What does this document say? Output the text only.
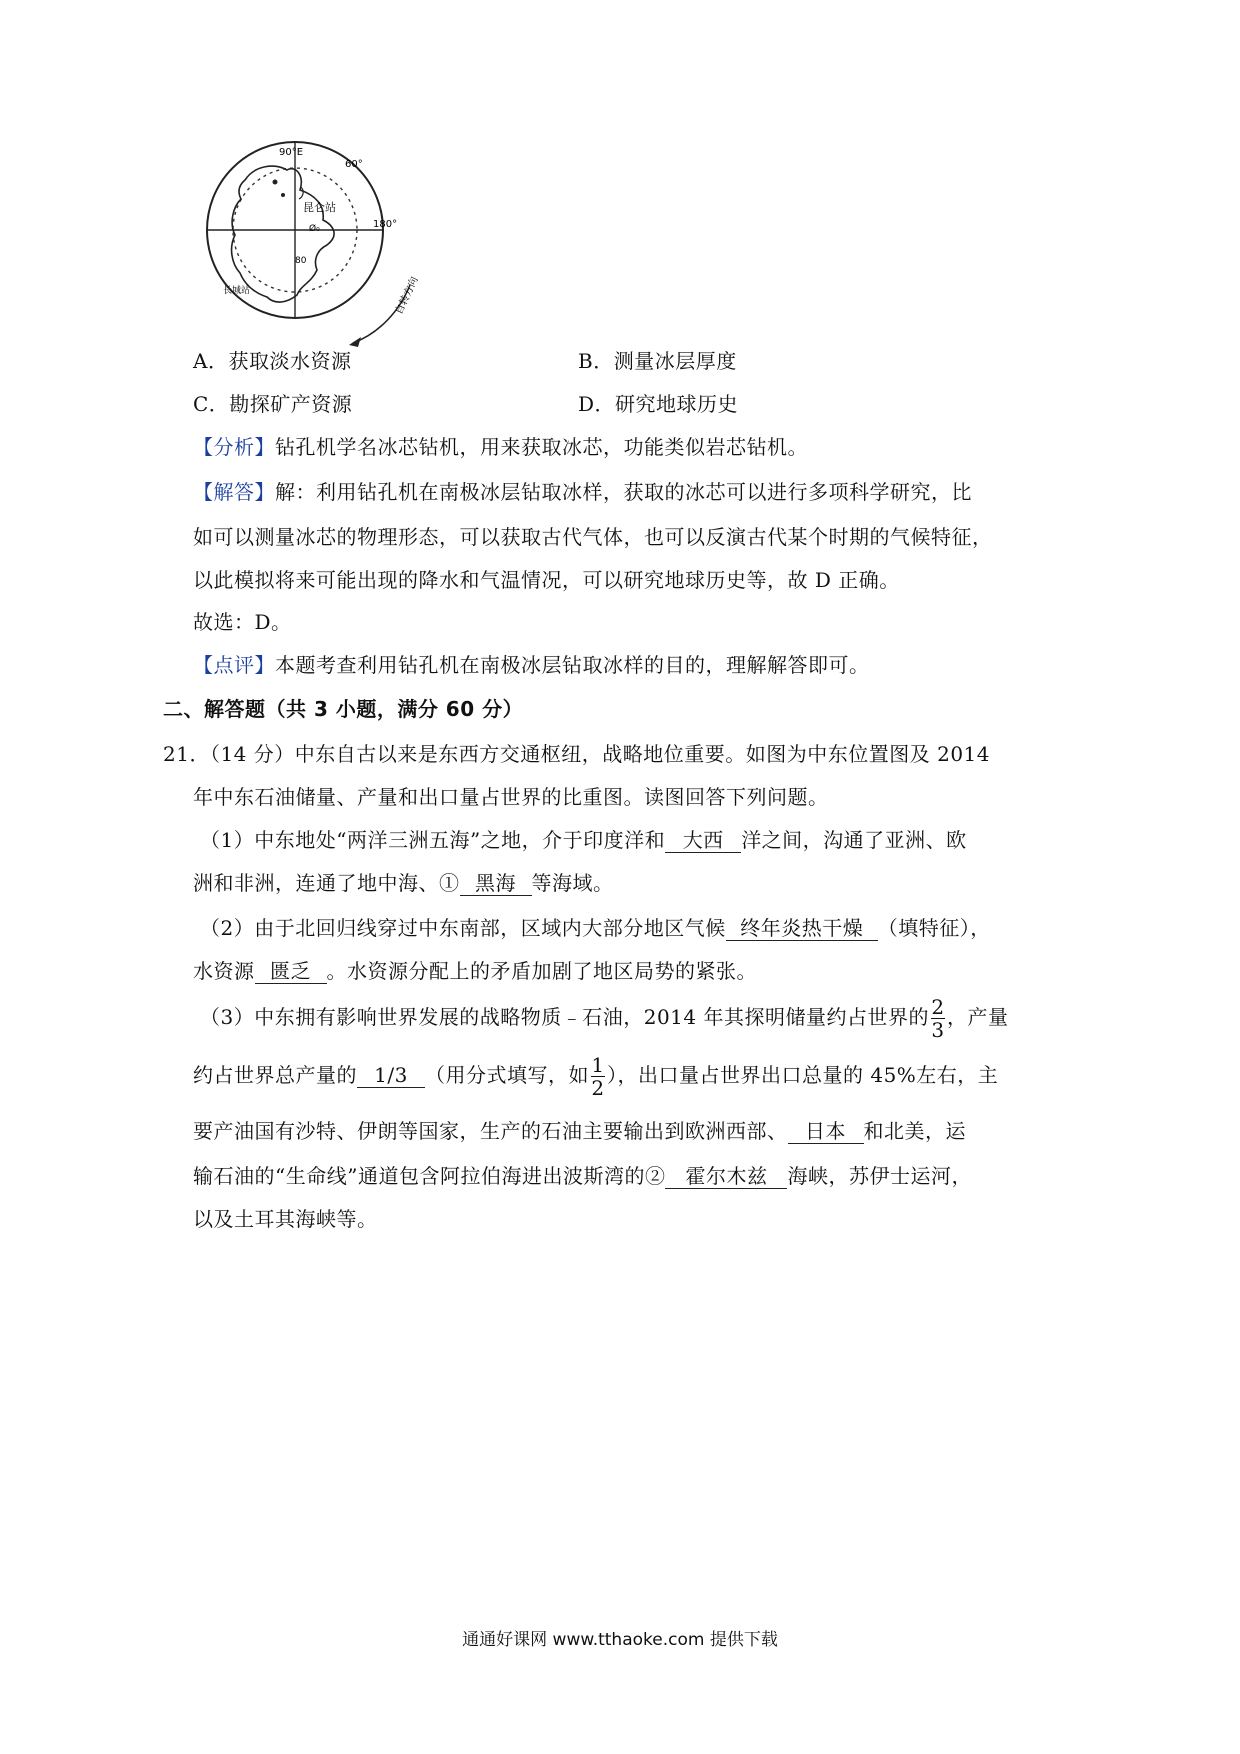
90°E
60°
180°
80
昆仑站
Ø₀
长城站	自转方向
A．获取淡水资源	B．测量冰层厚度
C．勘探矿产资源	D．研究地球历史
【分析】钻孔机学名冰芯钻机，用来获取冰芯，功能类似岩芯钻机。
【解答】解：利用钻孔机在南极冰层钻取冰样，获取的冰芯可以进行多项科学研究，比
如可以测量冰芯的物理形态，可以获取古代气体，也可以反演古代某个时期的气候特征，
以此模拟将来可能出现的降水和气温情况，可以研究地球历史等，故 D 正确。
故选：D。
【点评】本题考查利用钻孔机在南极冰层钻取冰样的目的，理解解答即可。
二、解答题（共 3 小题，满分 60 分）
21．（14 分）中东自古以来是东西方交通枢纽，战略地位重要。如图为中东位置图及 2014
年中东石油储量、产量和出口量占世界的比重图。读图回答下列问题。
（1）中东地处“两洋三洲五海”之地，介于印度洋和 大西 洋之间，沟通了亚洲、欧
洲和非洲，连通了地中海、① 黑海 等海域。
（2）由于北回归线穿过中东南部，区域内大部分地区气候 终年炎热干燥 （填特征），
水资源 匮乏 。水资源分配上的矛盾加剧了地区局势的紧张。
（3）中东拥有影响世界发展的战略物质﹣石油，2014 年其探明储量约占世界的 $\frac{2}{3}$ ，产量
约占世界总产量的 1/3 （用分式填写，如 $\frac{1}{2}$ ），出口量占世界出口总量的 45%左右，主
要产油国有沙特、伊朗等国家，生产的石油主要输出到欧洲西部、 日本 和北美，运
输石油的“生命线”通道包含阿拉伯海进出波斯湾的② 霍尔木兹 海峡，苏伊士运河，
以及土耳其海峡等。
通通好课网 www.tthaoke.com 提供下载
